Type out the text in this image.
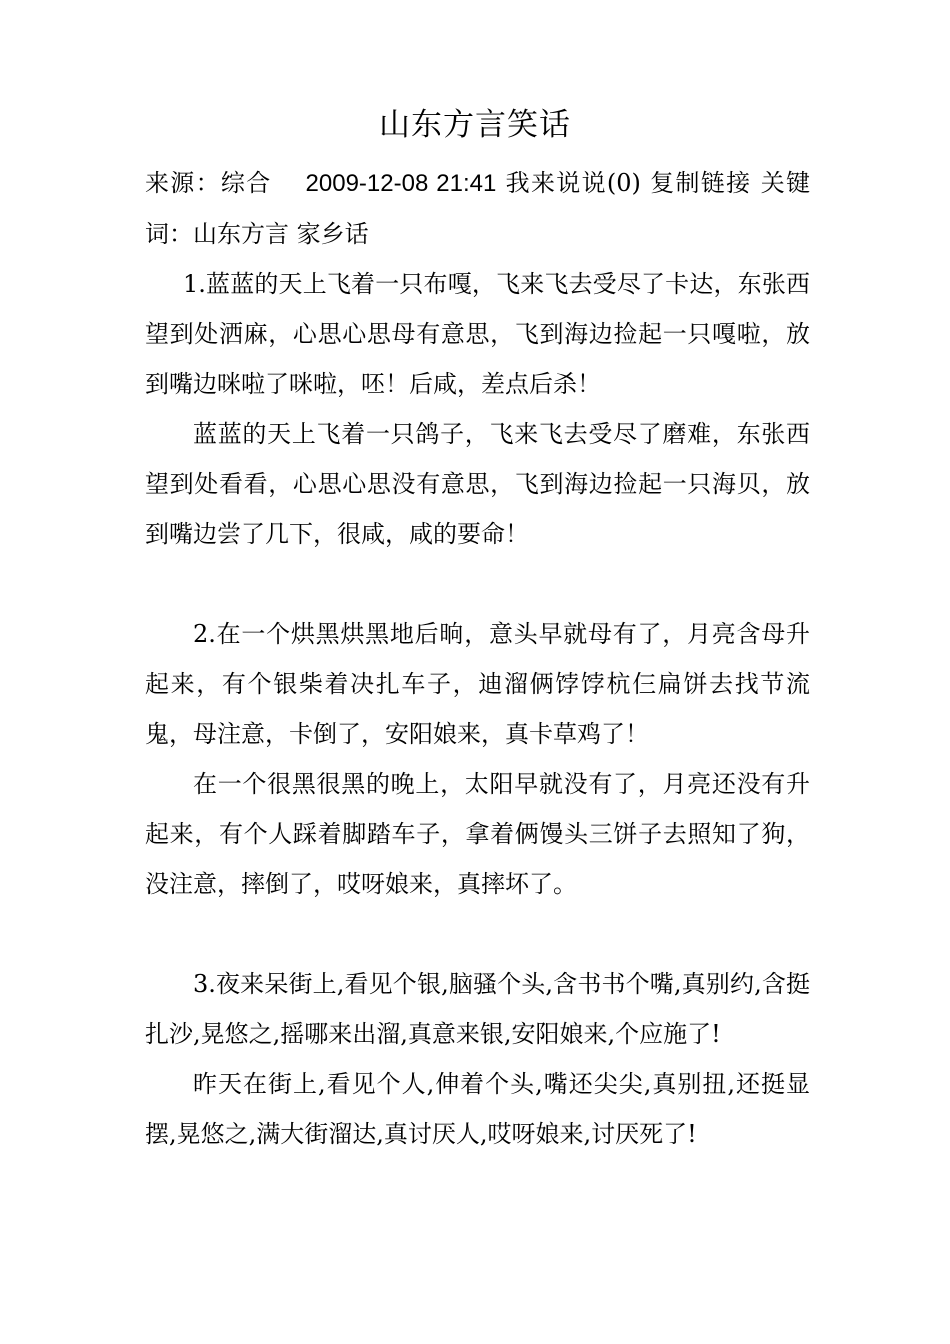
山东方言笑话

来源：综合 2009-12-08 21:41 我来说说(0) 复制链接 关键词：山东方言 家乡话

1.蓝蓝的天上飞着一只布嘎，飞来飞去受尽了卡达，东张西望到处洒麻，心思心思母有意思，飞到海边捡起一只嘎啦，放到嘴边咪啦了咪啦，呸！后咸，差点后杀！

蓝蓝的天上飞着一只鸽子，飞来飞去受尽了磨难，东张西望到处看看，心思心思没有意思，飞到海边捡起一只海贝，放到嘴边尝了几下，很咸，咸的要命！

2.在一个烘黑烘黑地后晌，意头早就母有了，月亮含母升起来，有个银柴着决扎车子，迪溜俩饽饽杭仨扁饼去找节流鬼，母注意，卡倒了，安阳娘来，真卡草鸡了！

在一个很黑很黑的晚上，太阳早就没有了，月亮还没有升起来，有个人踩着脚踏车子，拿着俩馒头三饼子去照知了狗，没注意，摔倒了，哎呀娘来，真摔坏了。

3.夜来呆街上,看见个银,脑骚个头,含书书个嘴,真别约,含挺扎沙,晃悠之,摇哪来出溜,真意来银,安阳娘来,个应施了!

昨天在街上,看见个人,伸着个头,嘴还尖尖,真别扭,还挺显摆,晃悠之,满大街溜达,真讨厌人,哎呀娘来,讨厌死了!
